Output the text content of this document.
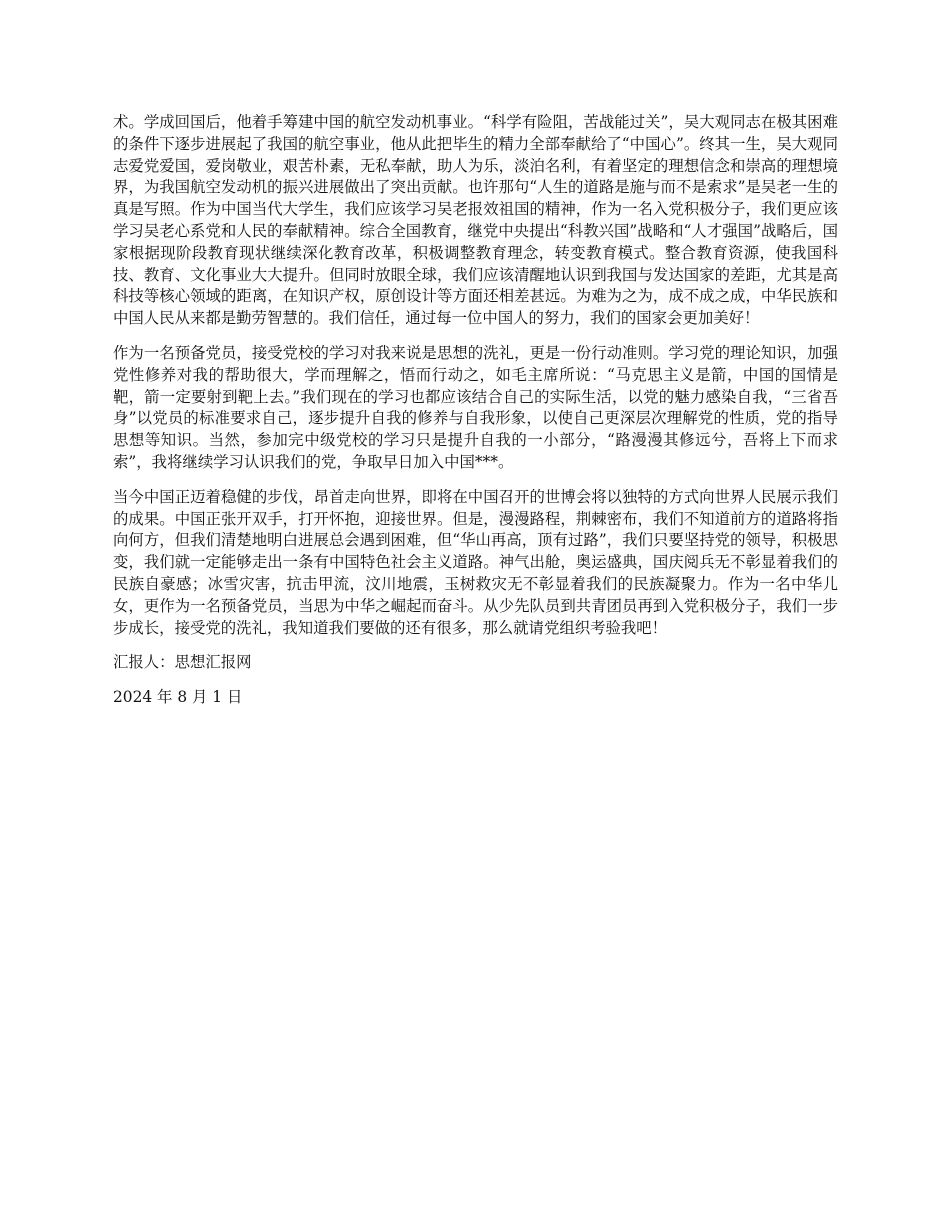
术。学成回国后，他着手筹建中国的航空发动机事业。“科学有险阻，苦战能过关”，吴大观同志在极其困难的条件下逐步进展起了我国的航空事业，他从此把毕生的精力全部奉献给了“中国心”。终其一生，吴大观同志爱党爱国，爱岗敬业，艰苦朴素，无私奉献，助人为乐，淡泊名利，有着坚定的理想信念和崇高的理想境界，为我国航空发动机的振兴进展做出了突出贡献。也许那句“人生的道路是施与而不是索求”是吴老一生的真是写照。作为中国当代大学生，我们应该学习吴老报效祖国的精神，作为一名入党积极分子，我们更应该学习吴老心系党和人民的奉献精神。综合全国教育，继党中央提出“科教兴国”战略和“人才强国”战略后，国家根据现阶段教育现状继续深化教育改革，积极调整教育理念，转变教育模式。整合教育资源，使我国科技、教育、文化事业大大提升。但同时放眼全球，我们应该清醒地认识到我国与发达国家的差距，尤其是高科技等核心领域的距离，在知识产权，原创设计等方面还相差甚远。为难为之为，成不成之成，中华民族和中国人民从来都是勤劳智慧的。我们信任，通过每一位中国人的努力，我们的国家会更加美好！

作为一名预备党员，接受党校的学习对我来说是思想的洗礼，更是一份行动准则。学习党的理论知识，加强党性修养对我的帮助很大，学而理解之，悟而行动之，如毛主席所说：“马克思主义是箭，中国的国情是靶，箭一定要射到靶上去。”我们现在的学习也都应该结合自己的实际生活，以党的魅力感染自我，“三省吾身”以党员的标准要求自己，逐步提升自我的修养与自我形象，以使自己更深层次理解党的性质，党的指导思想等知识。当然，参加完中级党校的学习只是提升自我的一小部分，“路漫漫其修远兮，吾将上下而求索”，我将继续学习认识我们的党，争取早日加入中国***。

当今中国正迈着稳健的步伐，昂首走向世界，即将在中国召开的世博会将以独特的方式向世界人民展示我们的成果。中国正张开双手，打开怀抱，迎接世界。但是，漫漫路程，荆棘密布，我们不知道前方的道路将指向何方，但我们清楚地明白进展总会遇到困难，但“华山再高，顶有过路”，我们只要坚持党的领导，积极思变，我们就一定能够走出一条有中国特色社会主义道路。神气出舱，奥运盛典，国庆阅兵无不彰显着我们的民族自豪感；冰雪灾害，抗击甲流，汶川地震，玉树救灾无不彰显着我们的民族凝聚力。作为一名中华儿女，更作为一名预备党员，当思为中华之崛起而奋斗。从少先队员到共青团员再到入党积极分子，我们一步步成长，接受党的洗礼，我知道我们要做的还有很多，那么就请党组织考验我吧！

汇报人：思想汇报网

2024 年 8 月 1 日
